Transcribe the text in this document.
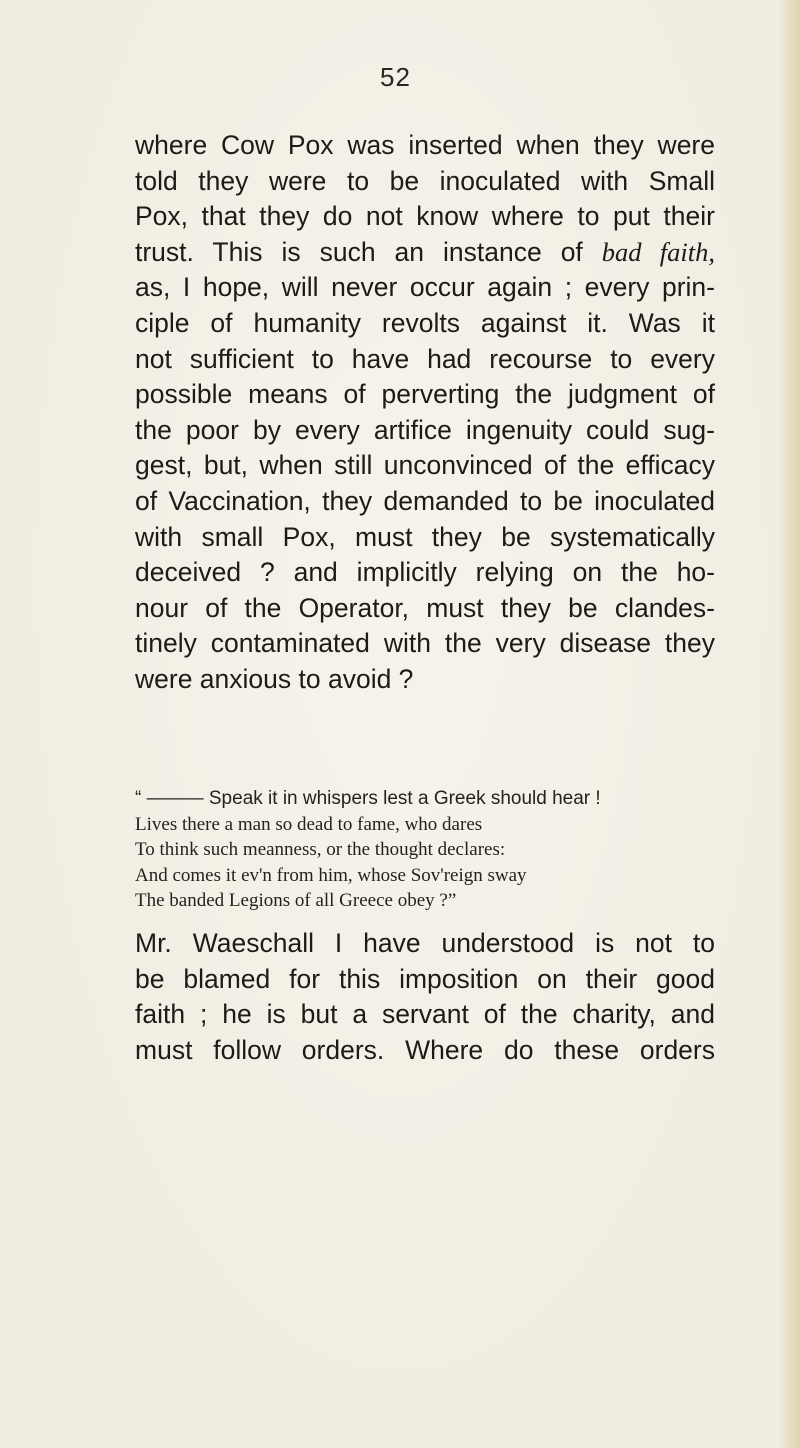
52
where Cow Pox was inserted when they were
told they were to be inoculated with Small
Pox, that they do not know where to put their
trust. This is such an instance of bad faith,
as, I hope, will never occur again ; every prin-
ciple of humanity revolts against it. Was it
not sufficient to have had recourse to every
possible means of perverting the judgment of
the poor by every artifice ingenuity could sug-
gest, but, when still unconvinced of the efficacy
of Vaccination, they demanded to be inoculated
with small Pox, must they be systematically
deceived ? and implicitly relying on the ho-
nour of the Operator, must they be clandes-
tinely contaminated with the very disease they
were anxious to avoid ?
“ ——— Speak it in whispers lest a Greek should hear !
Lives there a man so dead to fame, who dares
To think such meanness, or the thought declares:
And comes it ev'n from him, whose Sov'reign sway
The banded Legions of all Greece obey ?”
Mr. Waeschall I have understood is not to
be blamed for this imposition on their good
faith ; he is but a servant of the charity, and
must follow orders. Where do these orders
